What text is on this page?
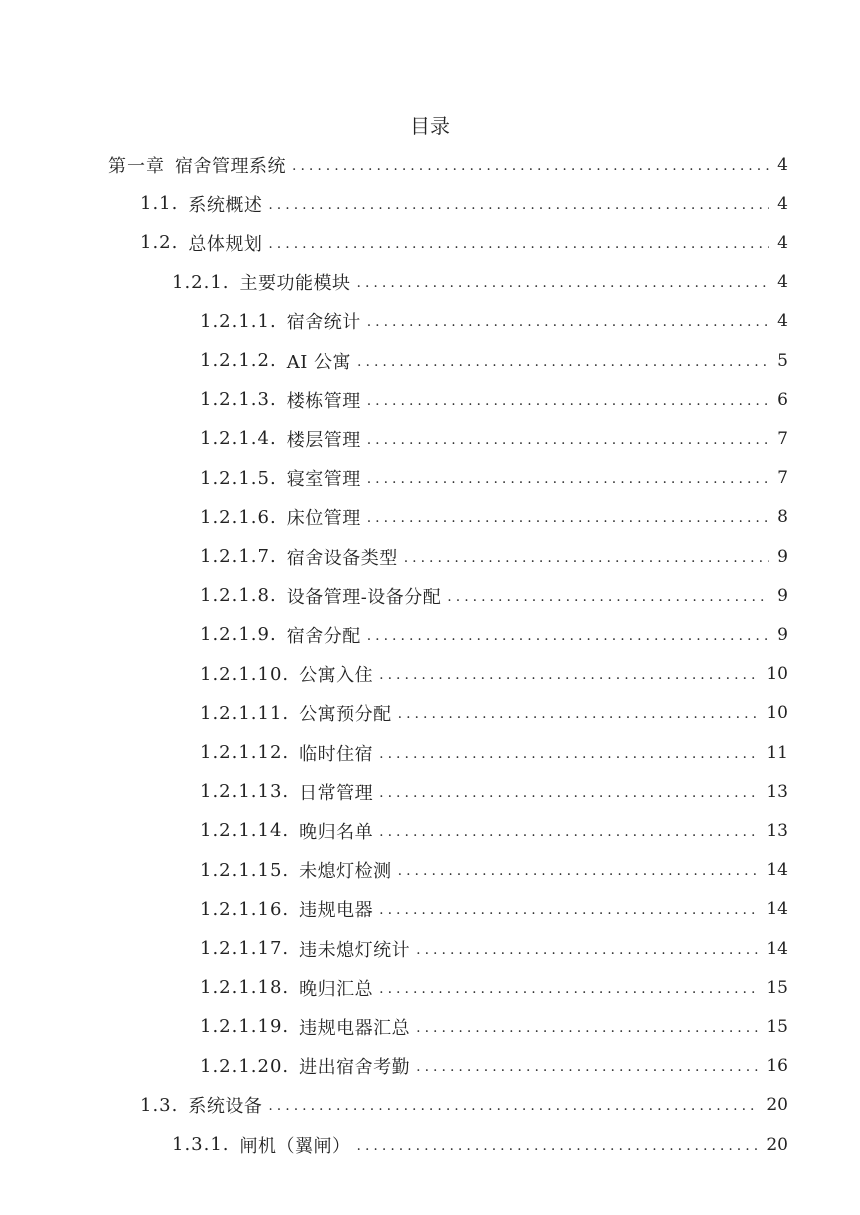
目录
第一章 宿舍管理系统 .....	4
1.1. 系统概述 .....	4
1.2. 总体规划 .....	4
1.2.1. 主要功能模块 .....	4
1.2.1.1. 宿舍统计 .....	4
1.2.1.2. AI 公寓 .....	5
1.2.1.3. 楼栋管理 .....	6
1.2.1.4. 楼层管理 .....	7
1.2.1.5. 寝室管理 .....	7
1.2.1.6. 床位管理 .....	8
1.2.1.7. 宿舍设备类型 .....	9
1.2.1.8. 设备管理-设备分配 .....	9
1.2.1.9. 宿舍分配 .....	9
1.2.1.10. 公寓入住 .....	10
1.2.1.11. 公寓预分配 .....	10
1.2.1.12. 临时住宿 .....	11
1.2.1.13. 日常管理 .....	13
1.2.1.14. 晚归名单 .....	13
1.2.1.15. 未熄灯检测 .....	14
1.2.1.16. 违规电器 .....	14
1.2.1.17. 违未熄灯统计 .....	14
1.2.1.18. 晚归汇总 .....	15
1.2.1.19. 违规电器汇总 .....	15
1.2.1.20. 进出宿舍考勤 .....	16
1.3. 系统设备 .....	20
1.3.1. 闸机（翼闸） .....	20
